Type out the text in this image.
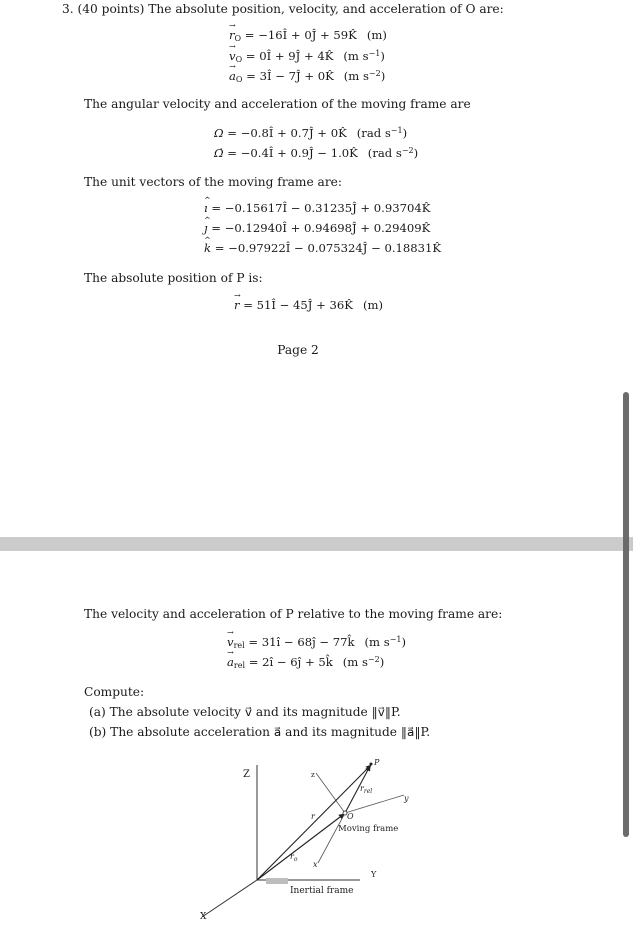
3. (40 points) The absolute position, velocity, and acceleration of O are:
→ $r_O$ = −16Î + 0Ĵ + 59K̂ (m)
→ $v_O$ = 0Î + 9Ĵ + 4K̂ (m $s^{-1}$)
→ $a_O$ = 3Î − 7Ĵ + 0K̂ (m $s^{-2}$)
The angular velocity and acceleration of the moving frame are
Ω = −0.8Î + 0.7Ĵ + 0K̂ (rad $s^{-1}$)
Ω̇ = −0.4Î + 0.9Ĵ − 1.0K̂ (rad $s^{-2}$)
The unit vectors of the moving frame are:
^ ı = −0.15617Î − 0.31235Ĵ + 0.93704K̂
^ ȷ = −0.12940Î + 0.94698Ĵ + 0.29409K̂
^ k = −0.97922Î − 0.075324Ĵ − 0.18831K̂
The absolute position of P is:
→ r = 51Î − 45Ĵ + 36K̂ (m)
Page 2
The velocity and acceleration of P relative to the moving frame are:
→ $v_{rel}$ = 31ı̂ − 68ȷ̂ − 77k̂ (m $s^{-1}$)
→ $a_{rel}$ = 2ı̂ − 6ȷ̂ + 5k̂ (m $s^{-2}$)
Compute:
(a) The absolute velocity v⃗ and its magnitude ‖v⃗‖P.
(b) The absolute acceleration a⃗ and its magnitude ‖a⃗‖P.
Z	z
P
$r_{rel}$
y
r	O
Moving frame
$r_o$
x
Y
Inertial frame
X
